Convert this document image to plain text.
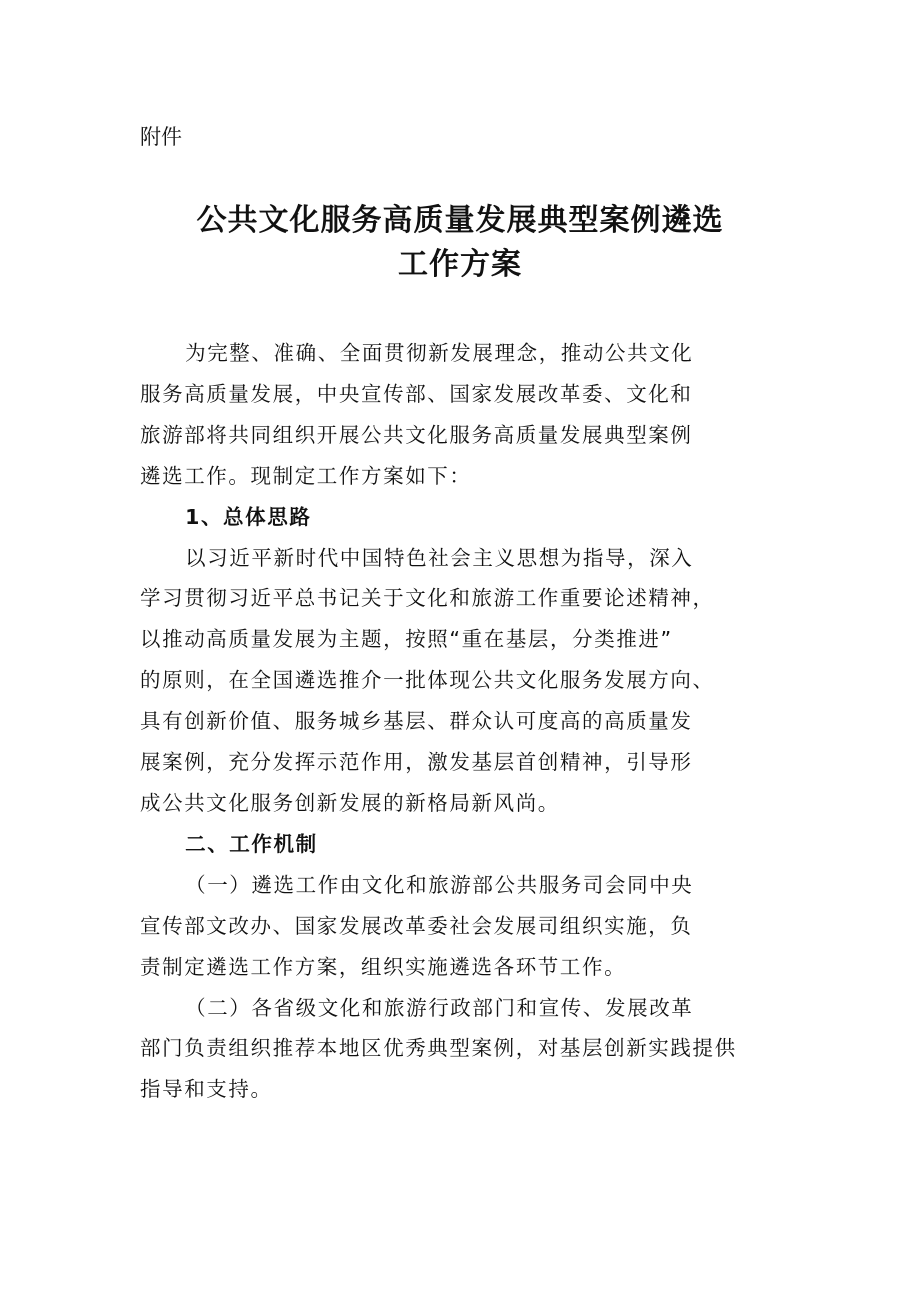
附件
公共文化服务高质量发展典型案例遴选
工作方案

为完整、准确、全面贯彻新发展理念，推动公共文化
服务高质量发展，中央宣传部、国家发展改革委、文化和
旅游部将共同组织开展公共文化服务高质量发展典型案例
遴选工作。现制定工作方案如下：

1、总体思路

以习近平新时代中国特色社会主义思想为指导，深入
学习贯彻习近平总书记关于文化和旅游工作重要论述精神，
以推动高质量发展为主题，按照“重在基层，分类推进”
的原则，在全国遴选推介一批体现公共文化服务发展方向、
具有创新价值、服务城乡基层、群众认可度高的高质量发
展案例，充分发挥示范作用，激发基层首创精神，引导形
成公共文化服务创新发展的新格局新风尚。

二、工作机制

（一）遴选工作由文化和旅游部公共服务司会同中央
宣传部文改办、国家发展改革委社会发展司组织实施，负
责制定遴选工作方案，组织实施遴选各环节工作。

（二）各省级文化和旅游行政部门和宣传、发展改革
部门负责组织推荐本地区优秀典型案例，对基层创新实践提供
指导和支持。
